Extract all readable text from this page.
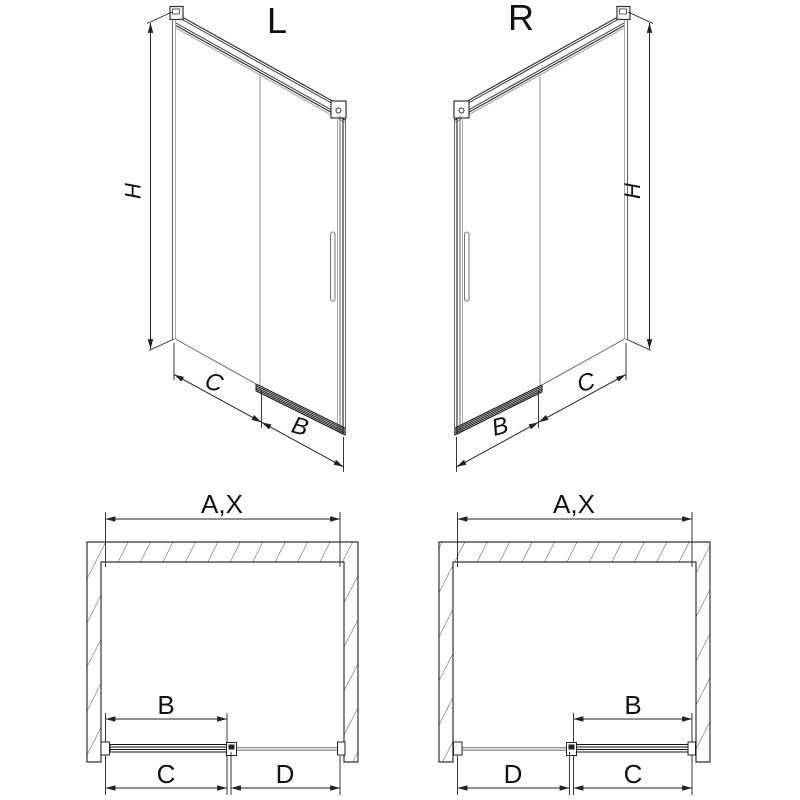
L
H
C
B
R
H
C
B
A,X
B
C	D
A,X
B
D	C
